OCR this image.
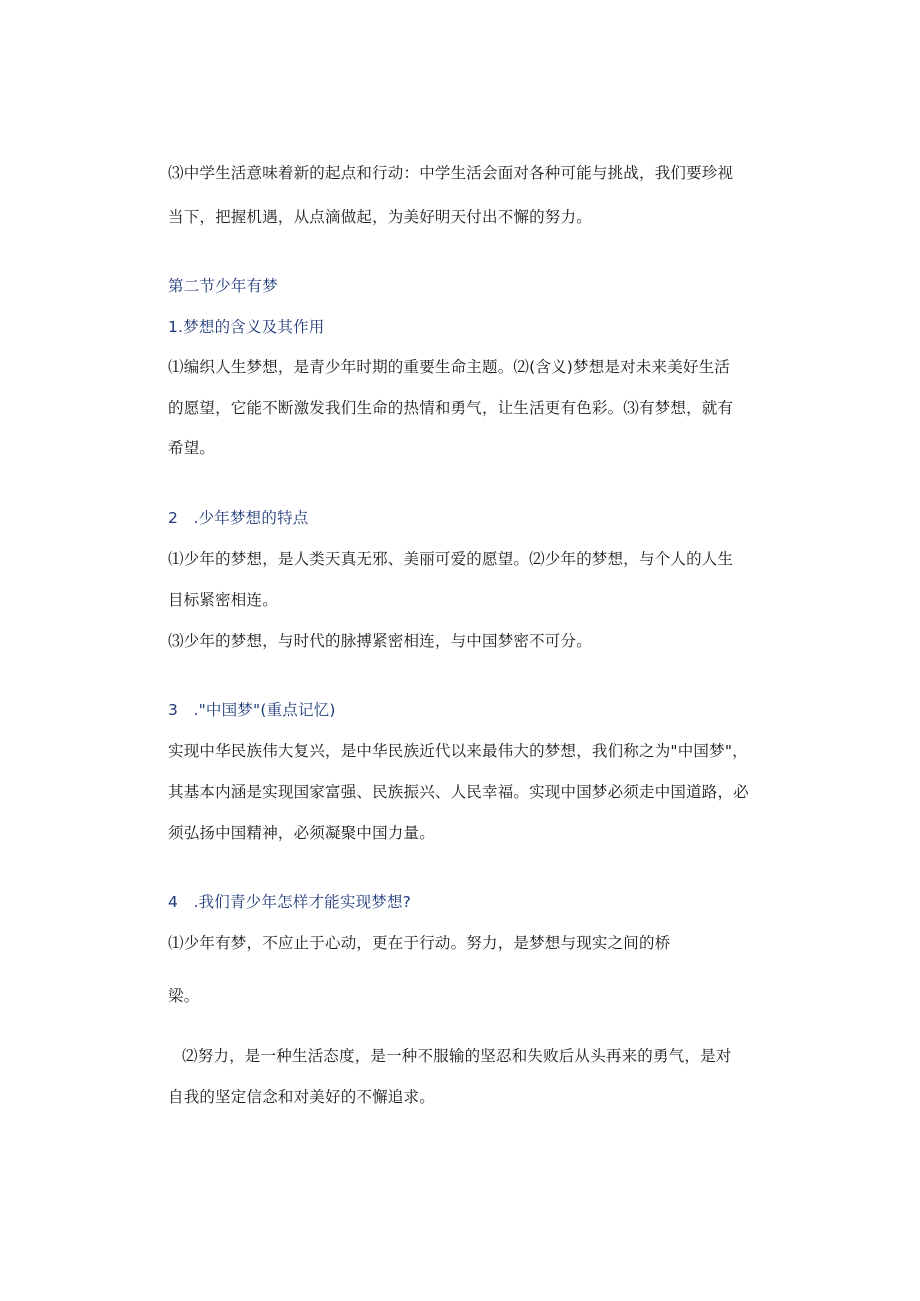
⑶中学生活意味着新的起点和行动：中学生活会面对各种可能与挑战，我们要珍视
当下，把握机遇，从点滴做起，为美好明天付出不懈的努力。
第二节少年有梦
1.梦想的含义及其作用
⑴编织人生梦想，是青少年时期的重要生命主题。⑵(含义)梦想是对未来美好生活
的愿望，它能不断激发我们生命的热情和勇气，让生活更有色彩。⑶有梦想，就有
希望。
2   .少年梦想的特点
⑴少年的梦想，是人类天真无邪、美丽可爱的愿望。⑵少年的梦想，与个人的人生
目标紧密相连。
⑶少年的梦想，与时代的脉搏紧密相连，与中国梦密不可分。
3   ."中国梦"(重点记忆)
实现中华民族伟大复兴，是中华民族近代以来最伟大的梦想，我们称之为"中国梦"，
其基本内涵是实现国家富强、民族振兴、人民幸福。实现中国梦必须走中国道路，必
须弘扬中国精神，必须凝聚中国力量。
4   .我们青少年怎样才能实现梦想?
⑴少年有梦，不应止于心动，更在于行动。努力，是梦想与现实之间的桥
梁。
⑵努力，是一种生活态度，是一种不服输的坚忍和失败后从头再来的勇气，是对
自我的坚定信念和对美好的不懈追求。
